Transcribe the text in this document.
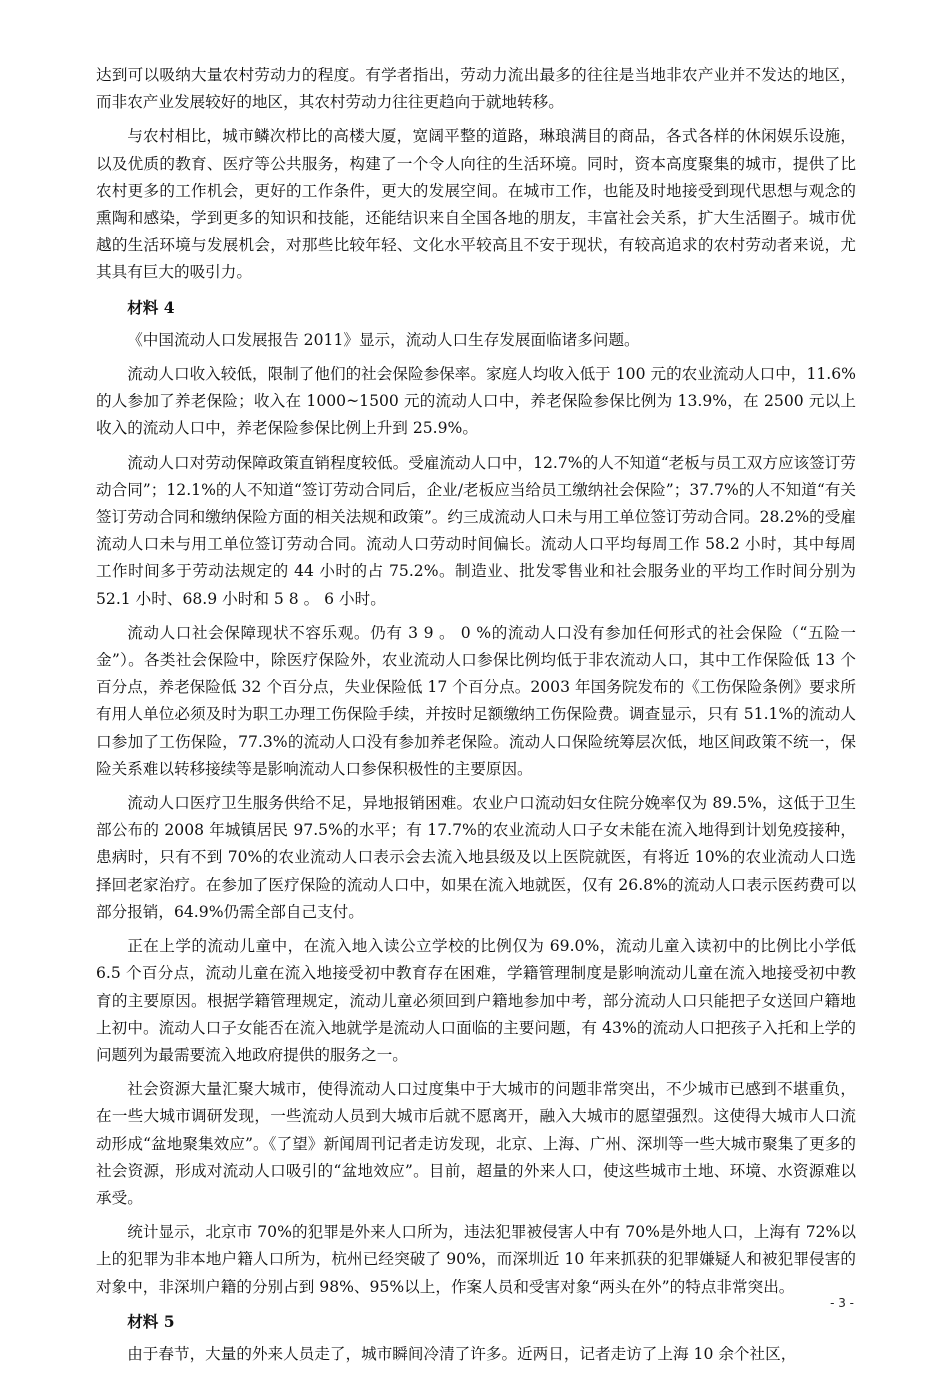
达到可以吸纳大量农村劳动力的程度。有学者指出，劳动力流出最多的往往是当地非农产业并不发达的地区，而非农产业发展较好的地区，其农村劳动力往往更趋向于就地转移。

与农村相比，城市鳞次栉比的高楼大厦，宽阔平整的道路，琳琅满目的商品，各式各样的休闲娱乐设施，以及优质的教育、医疗等公共服务，构建了一个令人向往的生活环境。同时，资本高度聚集的城市，提供了比农村更多的工作机会，更好的工作条件，更大的发展空间。在城市工作，也能及时地接受到现代思想与观念的熏陶和感染，学到更多的知识和技能，还能结识来自全国各地的朋友，丰富社会关系，扩大生活圈子。城市优越的生活环境与发展机会，对那些比较年轻、文化水平较高且不安于现状，有较高追求的农村劳动者来说，尤其具有巨大的吸引力。

材料 4

《中国流动人口发展报告 2011》显示，流动人口生存发展面临诸多问题。

流动人口收入较低，限制了他们的社会保险参保率。家庭人均收入低于 100 元的农业流动人口中，11.6%的人参加了养老保险；收入在 1000~1500 元的流动人口中，养老保险参保比例为 13.9%，在 2500 元以上收入的流动人口中，养老保险参保比例上升到 25.9%。

流动人口对劳动保障政策直销程度较低。受雇流动人口中，12.7%的人不知道“老板与员工双方应该签订劳动合同”；12.1%的人不知道“签订劳动合同后，企业/老板应当给员工缴纳社会保险”；37.7%的人不知道“有关签订劳动合同和缴纳保险方面的相关法规和政策”。约三成流动人口未与用工单位签订劳动合同。28.2%的受雇流动人口未与用工单位签订劳动合同。流动人口劳动时间偏长。流动人口平均每周工作 58.2 小时，其中每周工作时间多于劳动法规定的 44 小时的占 75.2%。制造业、批发零售业和社会服务业的平均工作时间分别为 52.1 小时、68.9 小时和 5 8 。 6 小时。

流动人口社会保障现状不容乐观。仍有 3 9 。 0 %的流动人口没有参加任何形式的社会保险（“五险一金”）。各类社会保险中，除医疗保险外，农业流动人口参保比例均低于非农流动人口，其中工作保险低 13 个百分点，养老保险低 32 个百分点，失业保险低 17 个百分点。2003 年国务院发布的《工伤保险条例》要求所有用人单位必须及时为职工办理工伤保险手续，并按时足额缴纳工伤保险费。调查显示，只有 51.1%的流动人口参加了工伤保险，77.3%的流动人口没有参加养老保险。流动人口保险统筹层次低，地区间政策不统一，保险关系难以转移接续等是影响流动人口参保积极性的主要原因。

流动人口医疗卫生服务供给不足，异地报销困难。农业户口流动妇女住院分娩率仅为 89.5%，这低于卫生部公布的 2008 年城镇居民 97.5%的水平；有 17.7%的农业流动人口子女未能在流入地得到计划免疫接种，患病时，只有不到 70%的农业流动人口表示会去流入地县级及以上医院就医，有将近 10%的农业流动人口选择回老家治疗。在参加了医疗保险的流动人口中，如果在流入地就医，仅有 26.8%的流动人口表示医药费可以部分报销，64.9%仍需全部自己支付。

正在上学的流动儿童中，在流入地入读公立学校的比例仅为 69.0%，流动儿童入读初中的比例比小学低 6.5 个百分点，流动儿童在流入地接受初中教育存在困难，学籍管理制度是影响流动儿童在流入地接受初中教育的主要原因。根据学籍管理规定，流动儿童必须回到户籍地参加中考，部分流动人口只能把子女送回户籍地上初中。流动人口子女能否在流入地就学是流动人口面临的主要问题，有 43%的流动人口把孩子入托和上学的问题列为最需要流入地政府提供的服务之一。

社会资源大量汇聚大城市，使得流动人口过度集中于大城市的问题非常突出，不少城市已感到不堪重负，在一些大城市调研发现，一些流动人员到大城市后就不愿离开，融入大城市的愿望强烈。这使得大城市人口流动形成“盆地聚集效应”。《了望》新闻周刊记者走访发现，北京、上海、广州、深圳等一些大城市聚集了更多的社会资源，形成对流动人口吸引的“盆地效应”。目前，超量的外来人口，使这些城市土地、环境、水资源难以承受。

统计显示，北京市 70%的犯罪是外来人口所为，违法犯罪被侵害人中有 70%是外地人口，上海有 72%以上的犯罪为非本地户籍人口所为，杭州已经突破了 90%，而深圳近 10 年来抓获的犯罪嫌疑人和被犯罪侵害的对象中，非深圳户籍的分别占到 98%、95%以上，作案人员和受害对象“两头在外”的特点非常突出。

材料 5

由于春节，大量的外来人员走了，城市瞬间冷清了许多。近两日，记者走访了上海 10 余个社区，

- 3 -
